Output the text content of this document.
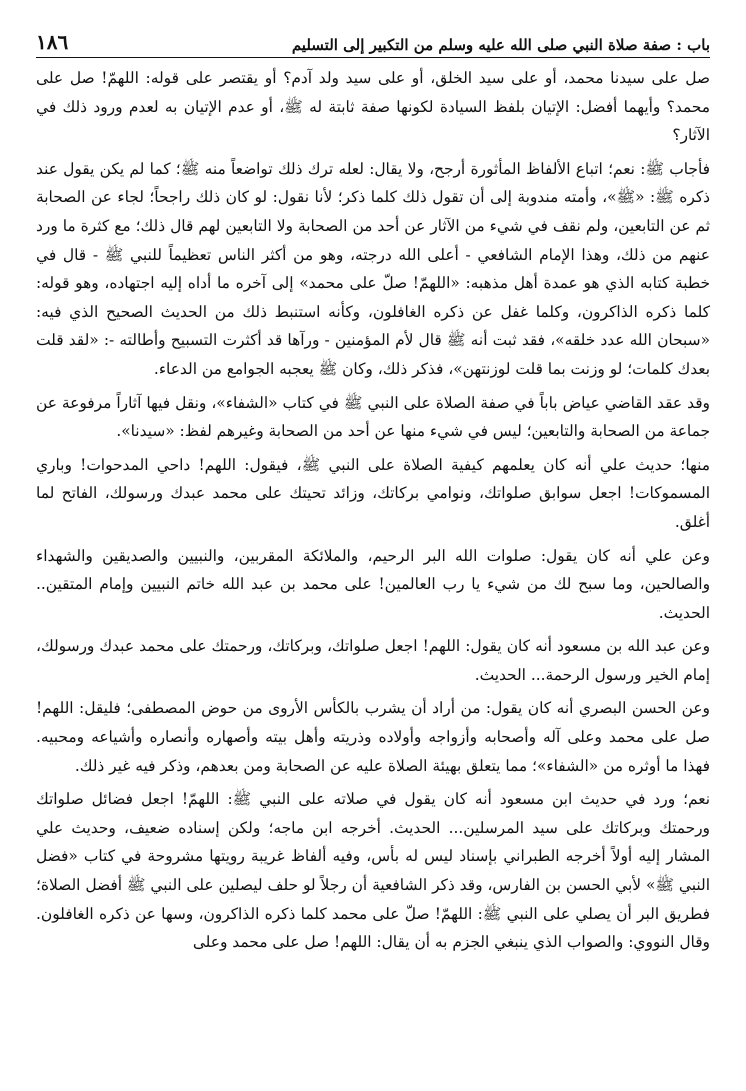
١٨٦	باب : صفة صلاة النبي صلى الله عليه وسلم من التكبير إلى التسليم

صل على سيدنا محمد، أو على سيد الخلق، أو على سيد ولد آدم؟ أو يقتصر على قوله: اللهمّ! صل على محمد؟ وأيهما أفضل: الإتيان بلفظ السيادة لكونها صفة ثابتة له ﷺ، أو عدم الإتيان به لعدم ورود ذلك في الآثار؟

فأجاب ﷺ: نعم؛ اتباع الألفاظ المأثورة أرجح، ولا يقال: لعله ترك ذلك تواضعاً منه ﷺ؛ كما لم يكن يقول عند ذكره ﷺ: «ﷺ»، وأمته مندوبة إلى أن تقول ذلك كلما ذكر؛ لأنا نقول: لو كان ذلك راجحاً؛ لجاء عن الصحابة ثم عن التابعين، ولم نقف في شيء من الآثار عن أحد من الصحابة ولا التابعين لهم قال ذلك؛ مع كثرة ما ورد عنهم من ذلك، وهذا الإمام الشافعي - أعلى الله درجته، وهو من أكثر الناس تعظيماً للنبي ﷺ - قال في خطبة كتابه الذي هو عمدة أهل مذهبه: «اللهمّ! صلّ على محمد» إلى آخره ما أداه إليه اجتهاده، وهو قوله: كلما ذكره الذاكرون، وكلما غفل عن ذكره الغافلون، وكأنه استنبط ذلك من الحديث الصحيح الذي فيه: «سبحان الله عدد خلقه»، فقد ثبت أنه ﷺ قال لأم المؤمنين - ورآها قد أكثرت التسبيح وأطالته -: «لقد قلت بعدك كلمات؛ لو وزنت بما قلت لوزنتهن»، فذكر ذلك، وكان ﷺ يعجبه الجوامع من الدعاء.

وقد عقد القاضي عياض باباً في صفة الصلاة على النبي ﷺ في كتاب «الشفاء»، ونقل فيها آثاراً مرفوعة عن جماعة من الصحابة والتابعين؛ ليس في شيء منها عن أحد من الصحابة وغيرهم لفظ: «سيدنا».

منها؛ حديث علي أنه كان يعلمهم كيفية الصلاة على النبي ﷺ، فيقول: اللهم! داحي المدحوات! وباري المسموكات! اجعل سوابق صلواتك، ونوامي بركاتك، وزائد تحيتك على محمد عبدك ورسولك، الفاتح لما أغلق.

وعن علي أنه كان يقول: صلوات الله البر الرحيم، والملائكة المقربين، والنبيين والصديقين والشهداء والصالحين، وما سبح لك من شيء يا رب العالمين! على محمد بن عبد الله خاتم النبيين وإمام المتقين.. الحديث.

وعن عبد الله بن مسعود أنه كان يقول: اللهم! اجعل صلواتك، وبركاتك، ورحمتك على محمد عبدك ورسولك، إمام الخير ورسول الرحمة... الحديث.

وعن الحسن البصري أنه كان يقول: من أراد أن يشرب بالكأس الأروى من حوض المصطفى؛ فليقل: اللهم! صل على محمد وعلى آله وأصحابه وأزواجه وأولاده وذريته وأهل بيته وأصهاره وأنصاره وأشياعه ومحبيه. فهذا ما أوثره من «الشفاء»؛ مما يتعلق بهيئة الصلاة عليه عن الصحابة ومن بعدهم، وذكر فيه غير ذلك.

نعم؛ ورد في حديث ابن مسعود أنه كان يقول في صلاته على النبي ﷺ: اللهمّ! اجعل فضائل صلواتك ورحمتك وبركاتك على سيد المرسلين... الحديث. أخرجه ابن ماجه؛ ولكن إسناده ضعيف، وحديث علي المشار إليه أولاً أخرجه الطبراني بإسناد ليس له بأس، وفيه ألفاظ غريبة رويتها مشروحة في كتاب «فضل النبي ﷺ» لأبي الحسن بن الفارس، وقد ذكر الشافعية أن رجلاً لو حلف ليصلين على النبي ﷺ أفضل الصلاة؛ فطريق البر أن يصلي على النبي ﷺ: اللهمّ! صلّ على محمد كلما ذكره الذاكرون، وسها عن ذكره الغافلون. وقال النووي: والصواب الذي ينبغي الجزم به أن يقال: اللهم! صل على محمد وعلى
